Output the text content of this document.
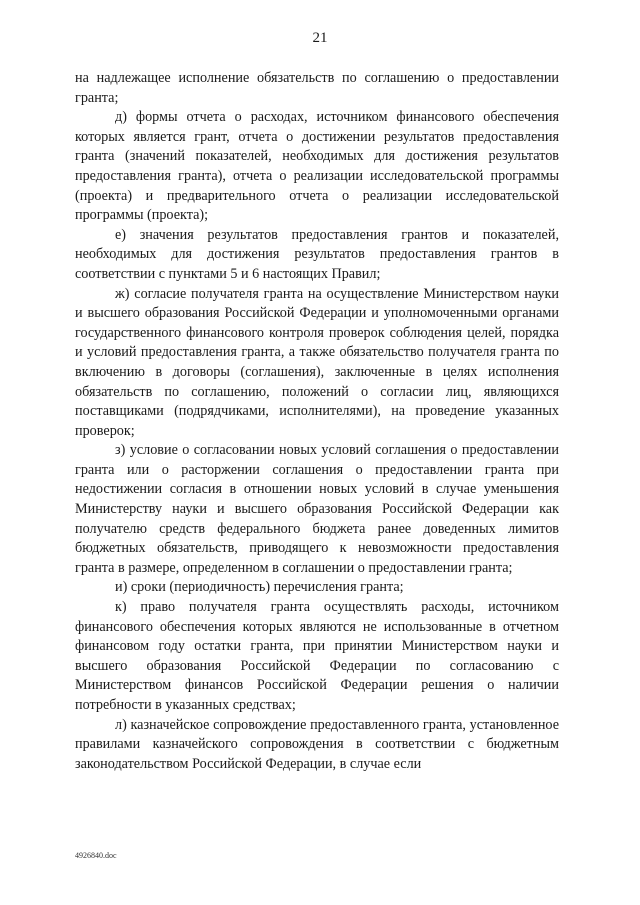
21

на надлежащее исполнение обязательств по соглашению о предоставлении гранта;

д) формы отчета о расходах, источником финансового обеспечения которых является грант, отчета о достижении результатов предоставления гранта (значений показателей, необходимых для достижения результатов предоставления гранта), отчета о реализации исследовательской программы (проекта) и предварительного отчета о реализации исследовательской программы (проекта);

е) значения результатов предоставления грантов и показателей, необходимых для достижения результатов предоставления грантов в соответствии с пунктами 5 и 6 настоящих Правил;

ж) согласие получателя гранта на осуществление Министерством науки и высшего образования Российской Федерации и уполномоченными органами государственного финансового контроля проверок соблюдения целей, порядка и условий предоставления гранта, а также обязательство получателя гранта по включению в договоры (соглашения), заключенные в целях исполнения обязательств по соглашению, положений о согласии лиц, являющихся поставщиками (подрядчиками, исполнителями), на проведение указанных проверок;

з) условие о согласовании новых условий соглашения о предоставлении гранта или о расторжении соглашения о предоставлении гранта при недостижении согласия в отношении новых условий в случае уменьшения Министерству науки и высшего образования Российской Федерации как получателю средств федерального бюджета ранее доведенных лимитов бюджетных обязательств, приводящего к невозможности предоставления гранта в размере, определенном в соглашении о предоставлении гранта;

и) сроки (периодичность) перечисления гранта;

к) право получателя гранта осуществлять расходы, источником финансового обеспечения которых являются не использованные в отчетном финансовом году остатки гранта, при принятии Министерством науки и высшего образования Российской Федерации по согласованию с Министерством финансов Российской Федерации решения о наличии потребности в указанных средствах;

л) казначейское сопровождение предоставленного гранта, установленное правилами казначейского сопровождения в соответствии с бюджетным законодательством Российской Федерации, в случае если

4926840.doc
